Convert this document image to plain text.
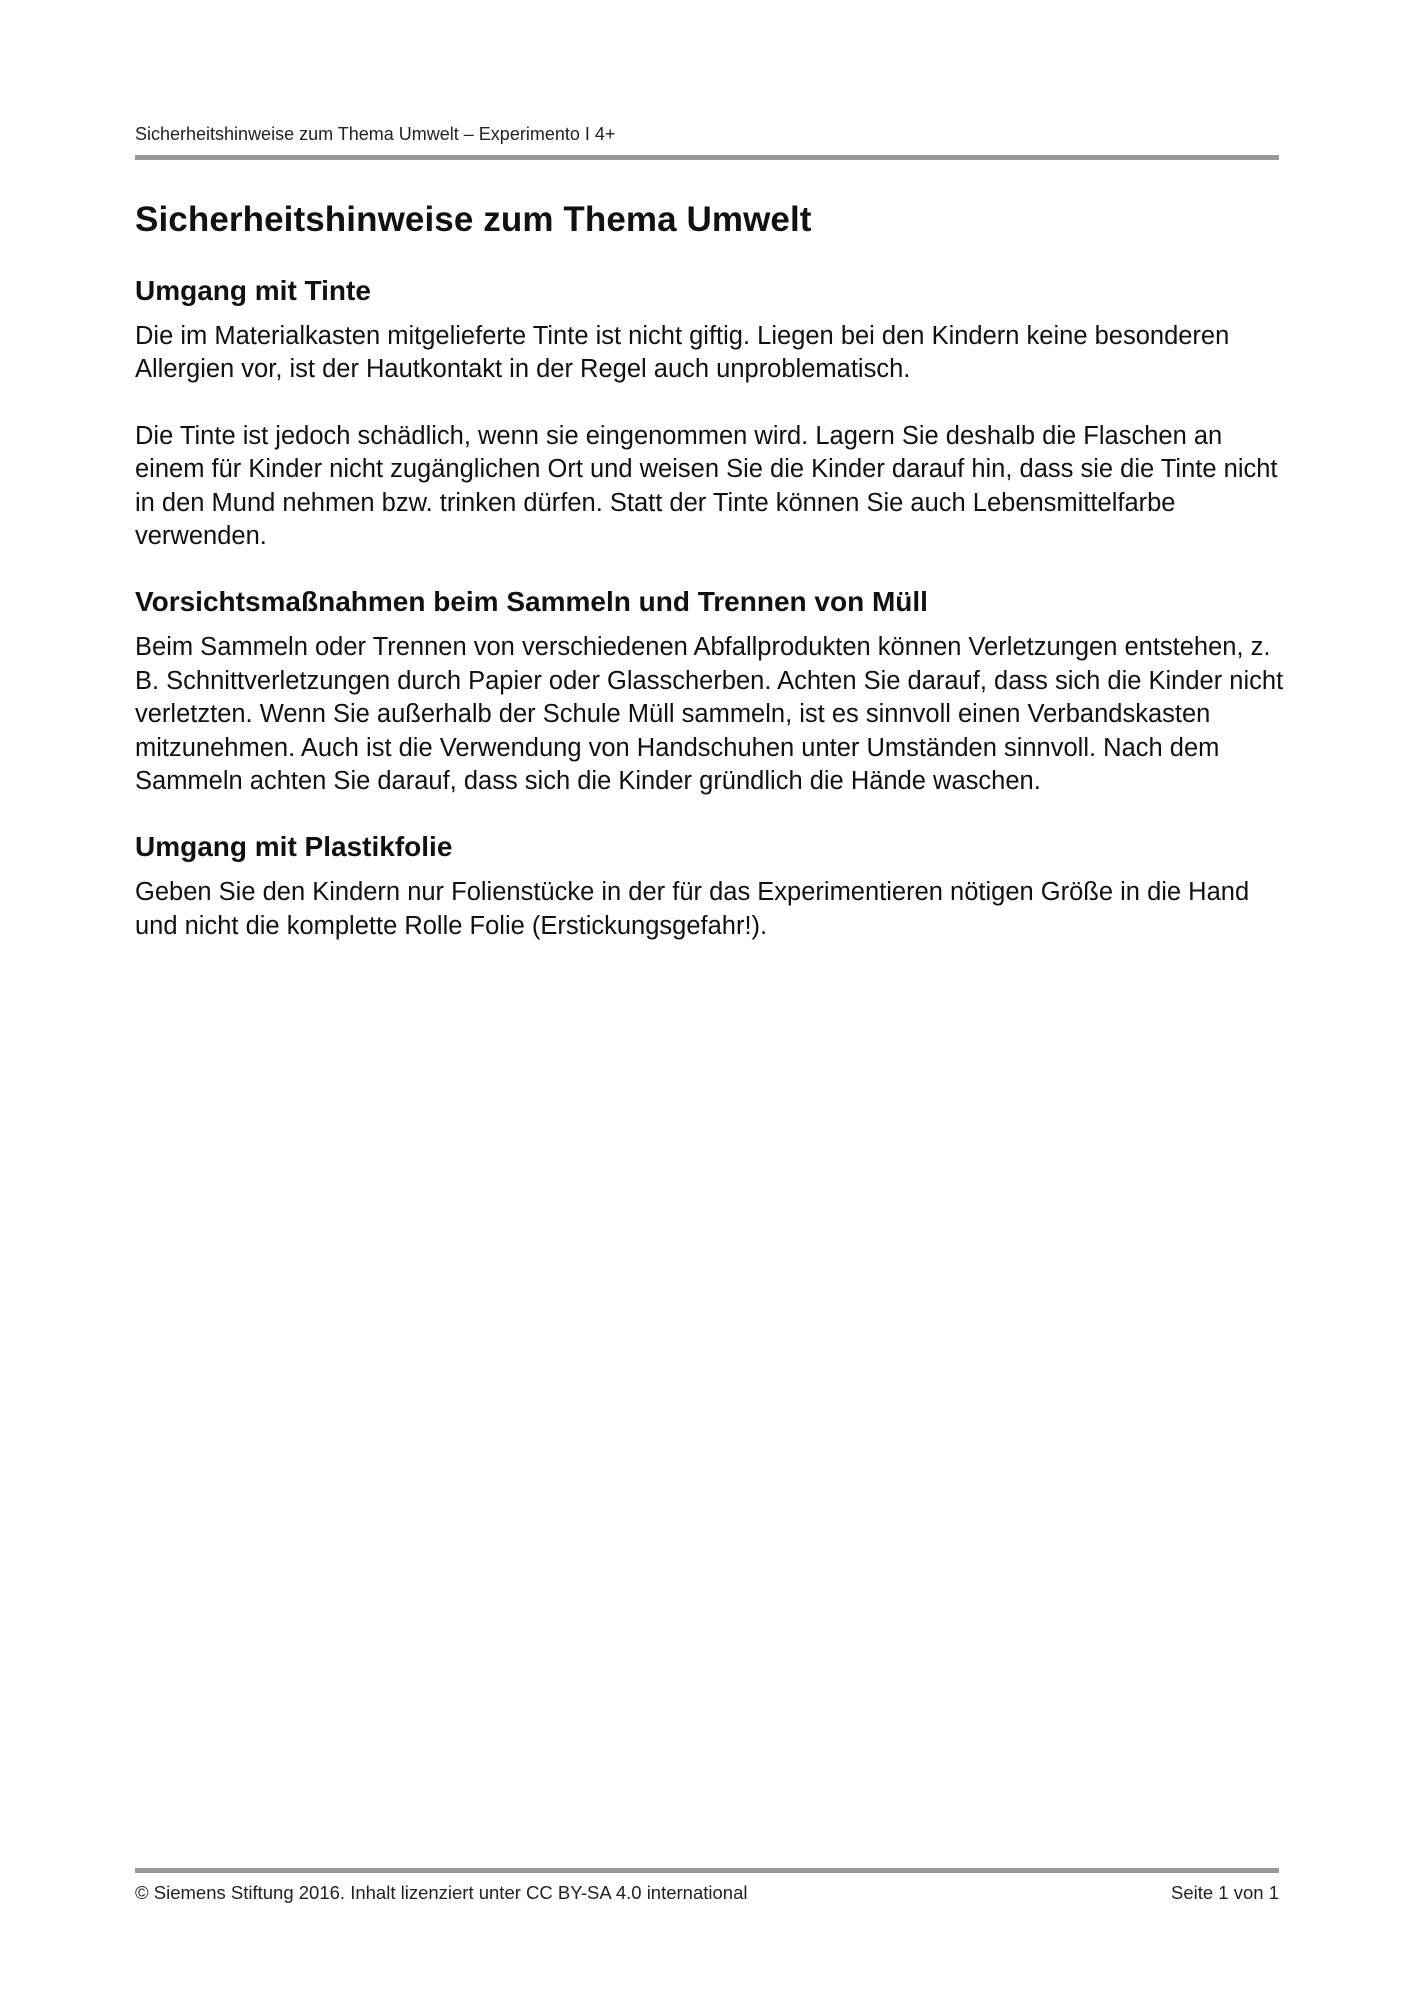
Sicherheitshinweise zum Thema Umwelt – Experimento I 4+
Sicherheitshinweise zum Thema Umwelt
Umgang mit Tinte

Die im Materialkasten mitgelieferte Tinte ist nicht giftig. Liegen bei den Kindern keine besonderen Allergien vor, ist der Hautkontakt in der Regel auch unproblematisch.

Die Tinte ist jedoch schädlich, wenn sie eingenommen wird. Lagern Sie deshalb die Flaschen an einem für Kinder nicht zugänglichen Ort und weisen Sie die Kinder darauf hin, dass sie die Tinte nicht in den Mund nehmen bzw. trinken dürfen. Statt der Tinte können Sie auch Lebensmittelfarbe verwenden.

Vorsichtsmaßnahmen beim Sammeln und Trennen von Müll

Beim Sammeln oder Trennen von verschiedenen Abfallprodukten können Verletzungen entstehen, z. B. Schnittverletzungen durch Papier oder Glasscherben. Achten Sie darauf, dass sich die Kinder nicht verletzten. Wenn Sie außerhalb der Schule Müll sammeln, ist es sinnvoll einen Verbandskasten mitzunehmen. Auch ist die Verwendung von Handschuhen unter Umständen sinnvoll. Nach dem Sammeln achten Sie darauf, dass sich die Kinder gründlich die Hände waschen.

Umgang mit Plastikfolie

Geben Sie den Kindern nur Folienstücke in der für das Experimentieren nötigen Größe in die Hand und nicht die komplette Rolle Folie (Erstickungsgefahr!).

© Siemens Stiftung 2016. Inhalt lizenziert unter CC BY-SA 4.0 international	Seite 1 von 1
